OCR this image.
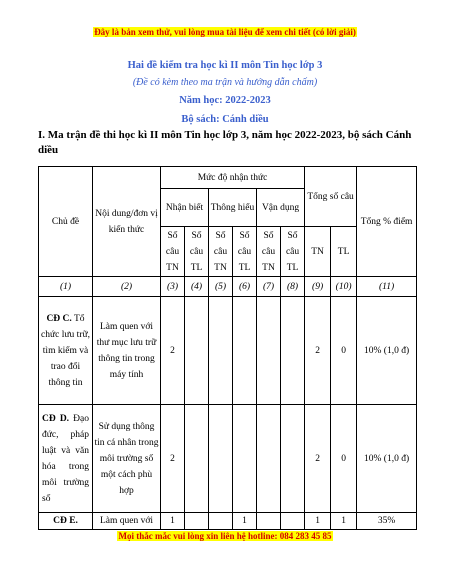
Đây là bản xem thử, vui lòng mua tài liệu để xem chi tiết (có lời giải)
Hai đề kiểm tra học kì II môn Tin học lớp 3
(Đề có kèm theo ma trận và hướng dẫn chấm)
Năm học: 2022-2023
Bộ sách: Cánh diều
I. Ma trận đề thi học kì II môn Tin học lớp 3, năm học 2022-2023, bộ sách Cánh diều
Chủ đề	Nội dung/đơn vị kiến thức	Mức độ nhận thức						Tổng số câu		Tổng % điểm
		Nhận biết		Thông hiểu		Vận dụng				
		Số câu TN	Số câu TL	Số câu TN	Số câu TL	Số câu TN	Số câu TL	TN	TL	
(1)	(2)	(3)	(4)	(5)	(6)	(7)	(8)	(9)	(10)	(11)
CĐ C. Tổ chức lưu trữ, tìm kiếm và trao đổi thông tin	Làm quen với thư mục lưu trữ thông tin trong máy tính	2						2	0	10% (1,0 đ)
CĐ D. Đạo đức, pháp luật và văn hóa trong môi trường số	Sử dụng thông tin cá nhân trong môi trường số một cách phù hợp	2						2	0	10% (1,0 đ)
CĐ E.	Làm quen với	1			1			1	1	35%
Mọi thắc mắc vui lòng xin liên hệ hotline: 084 283 45 85
